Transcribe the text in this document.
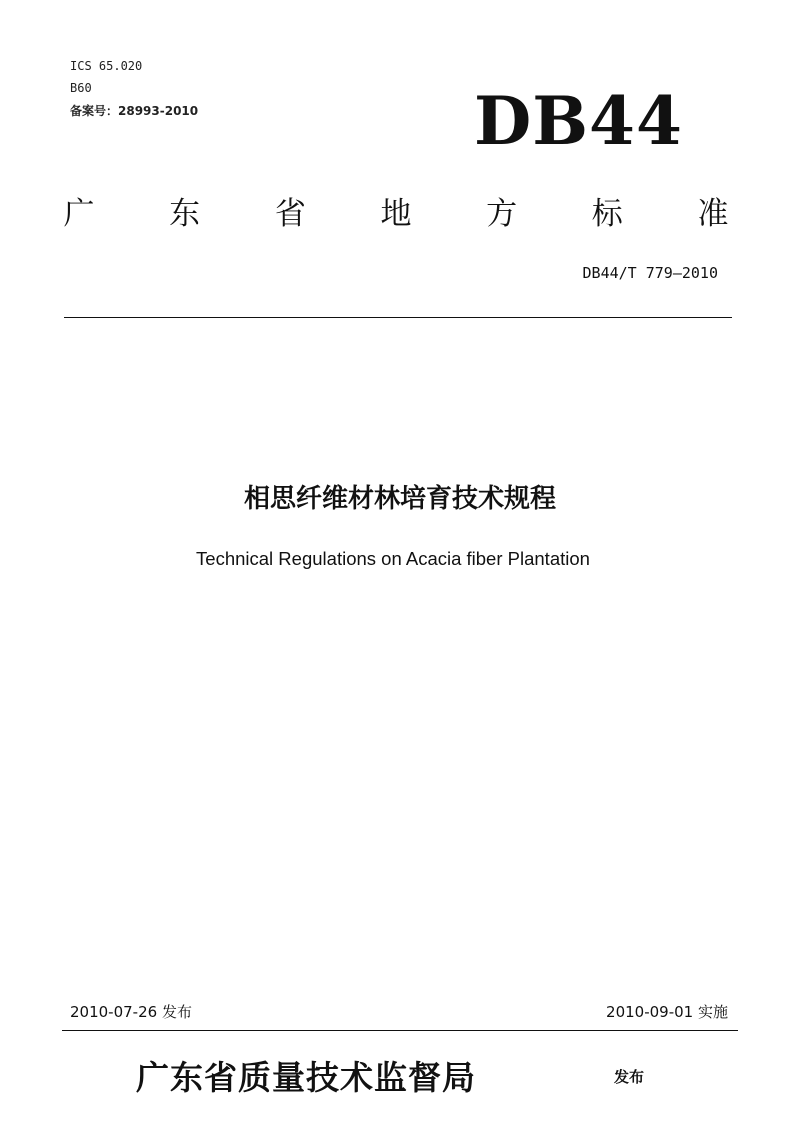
ICS 65.020
B60
备案号：28993-2010	DB44
广 东 省 地 方 标 准
DB44/T 779—2010
相思纤维材林培育技术规程
Technical Regulations on Acacia fiber Plantation
2010-07-26 发布	2010-09-01 实施
广东省质量技术监督局	发布
